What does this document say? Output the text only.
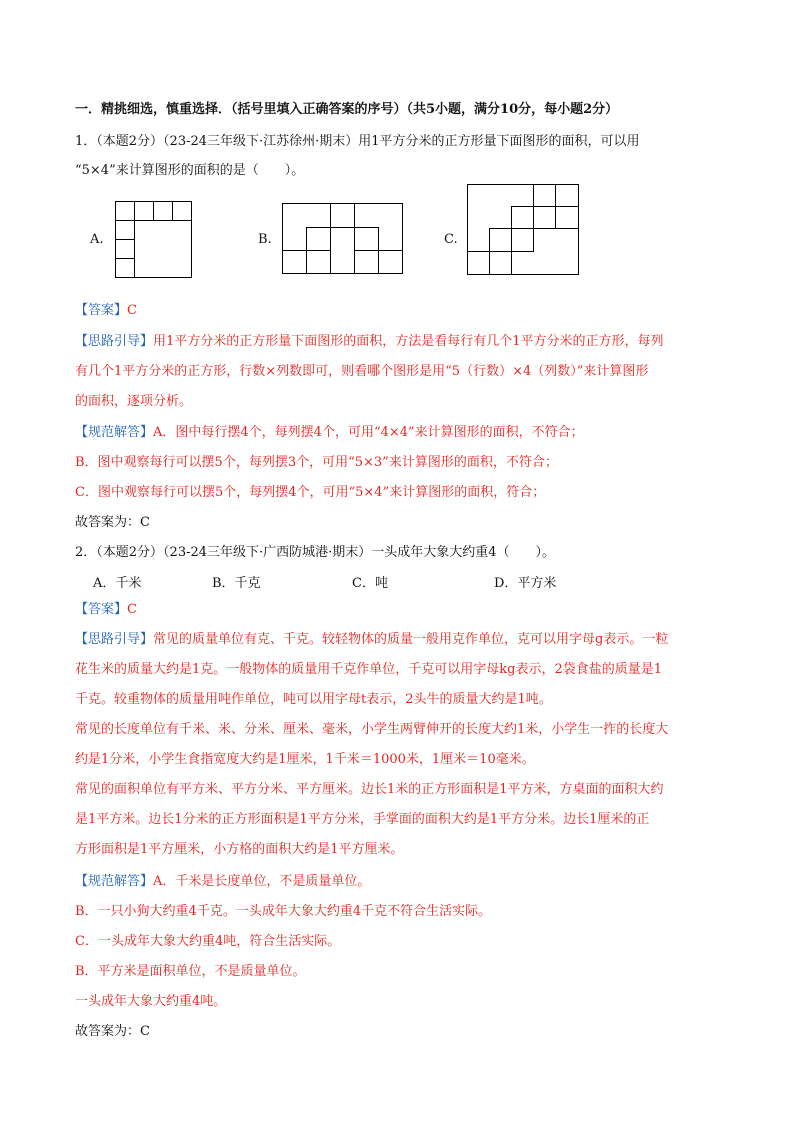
一．精挑细选，慎重选择．（括号里填入正确答案的序号）（共5小题，满分10分，每小题2分）
1．（本题2分）（23-24三年级下·江苏徐州·期末）用1平方分米的正方形量下面图形的面积，可以用
“5×4”来计算图形的面积的是（　　）。
A.	B.	C.
【答案】C
【思路引导】用1平方分米的正方形量下面图形的面积，方法是看每行有几个1平方分米的正方形，每列
有几个1平方分米的正方形，行数×列数即可，则看哪个图形是用“5（行数）×4（列数）”来计算图形
的面积，逐项分析。
【规范解答】A．图中每行摆4个，每列摆4个，可用“4×4”来计算图形的面积，不符合；
B．图中观察每行可以摆5个，每列摆3个，可用“5×3”来计算图形的面积，不符合；
C．图中观察每行可以摆5个，每列摆4个，可用“5×4”来计算图形的面积，符合；
故答案为：C
2．（本题2分）（23-24三年级下·广西防城港·期末）一头成年大象大约重4（　　）。
A．千米	B．千克	C．吨	D．平方米
【答案】C
【思路引导】常见的质量单位有克、千克。较轻物体的质量一般用克作单位，克可以用字母g表示。一粒
花生米的质量大约是1克。一般物体的质量用千克作单位，千克可以用字母kg表示，2袋食盐的质量是1
千克。较重物体的质量用吨作单位，吨可以用字母t表示，2头牛的质量大约是1吨。
常见的长度单位有千米、米、分米、厘米、毫米，小学生两臂伸开的长度大约1米，小学生一拃的长度大
约是1分米，小学生食指宽度大约是1厘米，1千米＝1000米，1厘米＝10毫米。
常见的面积单位有平方米、平方分米、平方厘米。边长1米的正方形面积是1平方米，方桌面的面积大约
是1平方米。边长1分米的正方形面积是1平方分米，手掌面的面积大约是1平方分米。边长1厘米的正
方形面积是1平方厘米，小方格的面积大约是1平方厘米。
【规范解答】A．千米是长度单位，不是质量单位。
B．一只小狗大约重4千克。一头成年大象大约重4千克不符合生活实际。
C．一头成年大象大约重4吨，符合生活实际。
B．平方米是面积单位，不是质量单位。
一头成年大象大约重4吨。
故答案为：C
